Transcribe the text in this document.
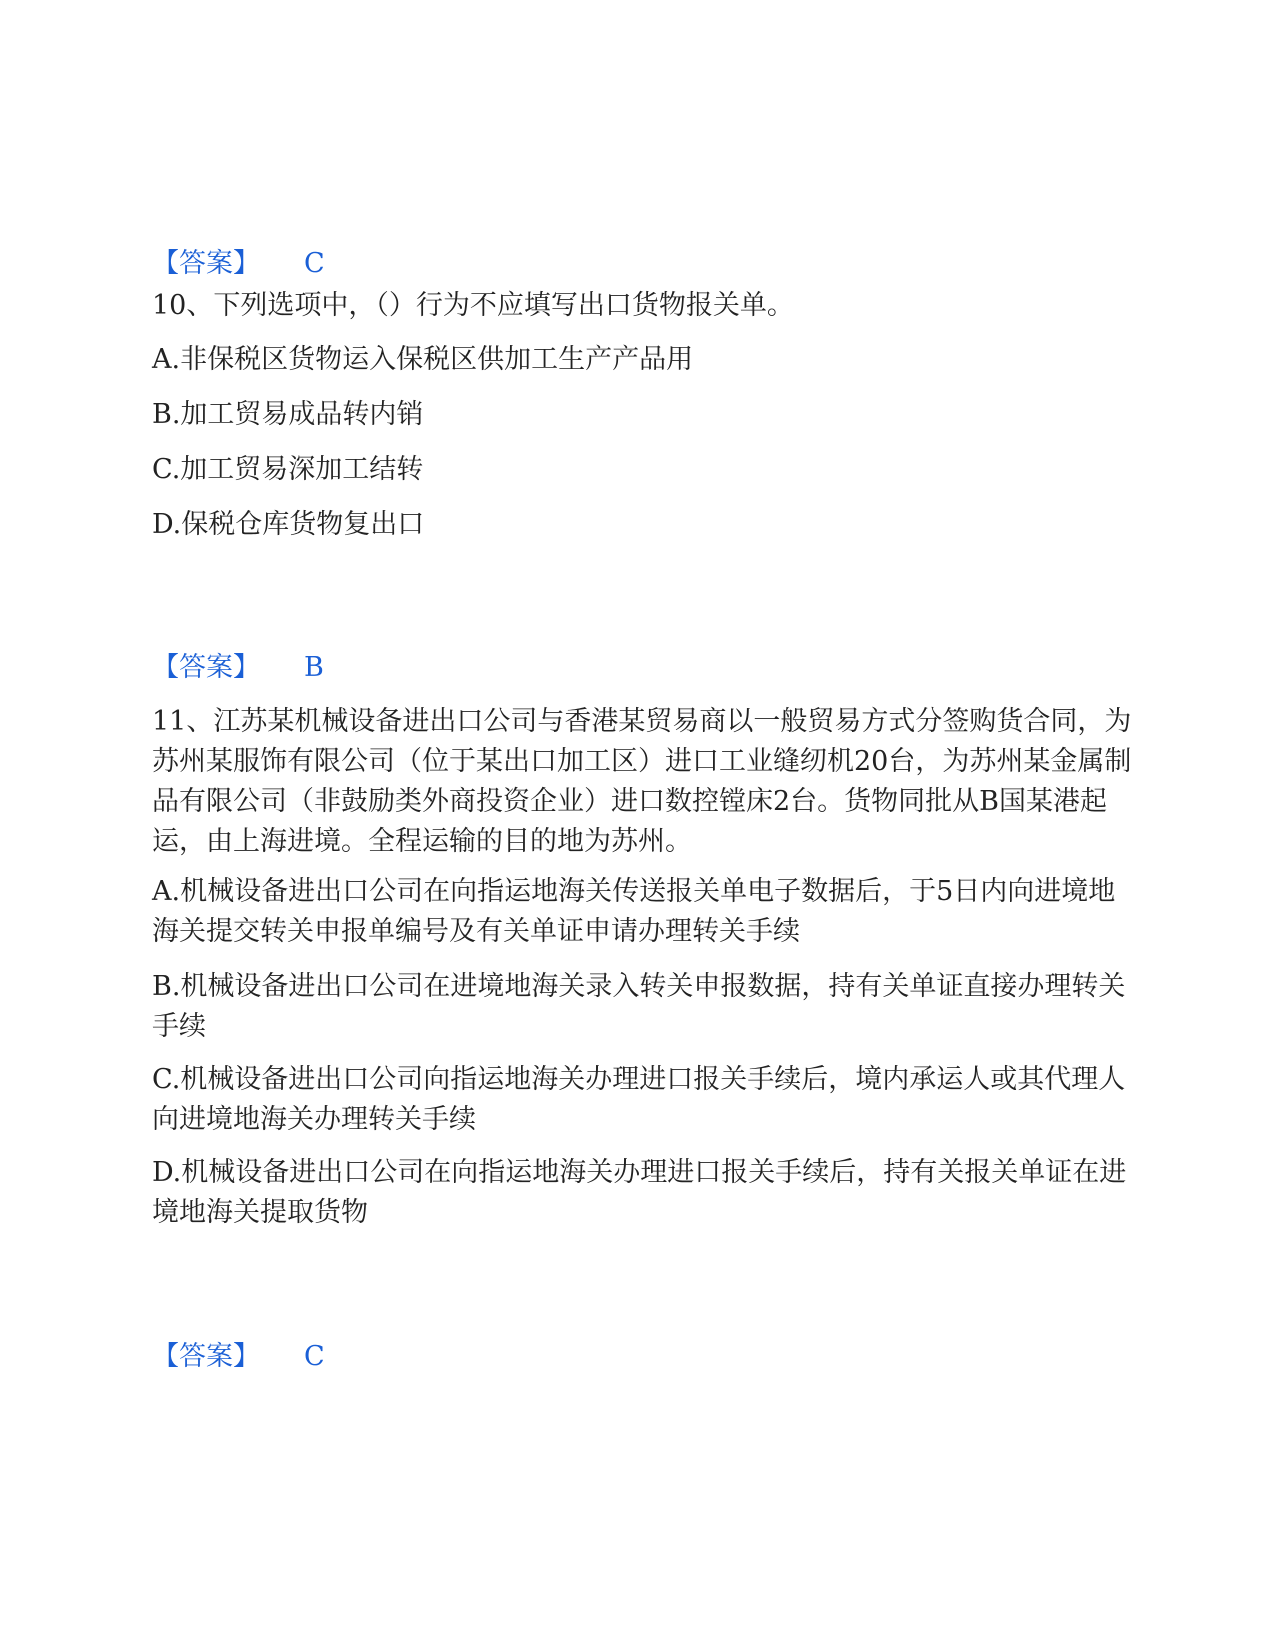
【答案】 C
10、下列选项中，（）行为不应填写出口货物报关单。
A.非保税区货物运入保税区供加工生产产品用
B.加工贸易成品转内销
C.加工贸易深加工结转
D.保税仓库货物复出口
【答案】 B
11、江苏某机械设备进出口公司与香港某贸易商以一般贸易方式分签购货合同，为苏州某服饰有限公司（位于某出口加工区）进口工业缝纫机20台，为苏州某金属制品有限公司（非鼓励类外商投资企业）进口数控镗床2台。货物同批从B国某港起运，由上海进境。全程运输的目的地为苏州。
A.机械设备进出口公司在向指运地海关传送报关单电子数据后，于5日内向进境地海关提交转关申报单编号及有关单证申请办理转关手续
B.机械设备进出口公司在进境地海关录入转关申报数据，持有关单证直接办理转关手续
C.机械设备进出口公司向指运地海关办理进口报关手续后，境内承运人或其代理人向进境地海关办理转关手续
D.机械设备进出口公司在向指运地海关办理进口报关手续后，持有关报关单证在进境地海关提取货物
【答案】 C
